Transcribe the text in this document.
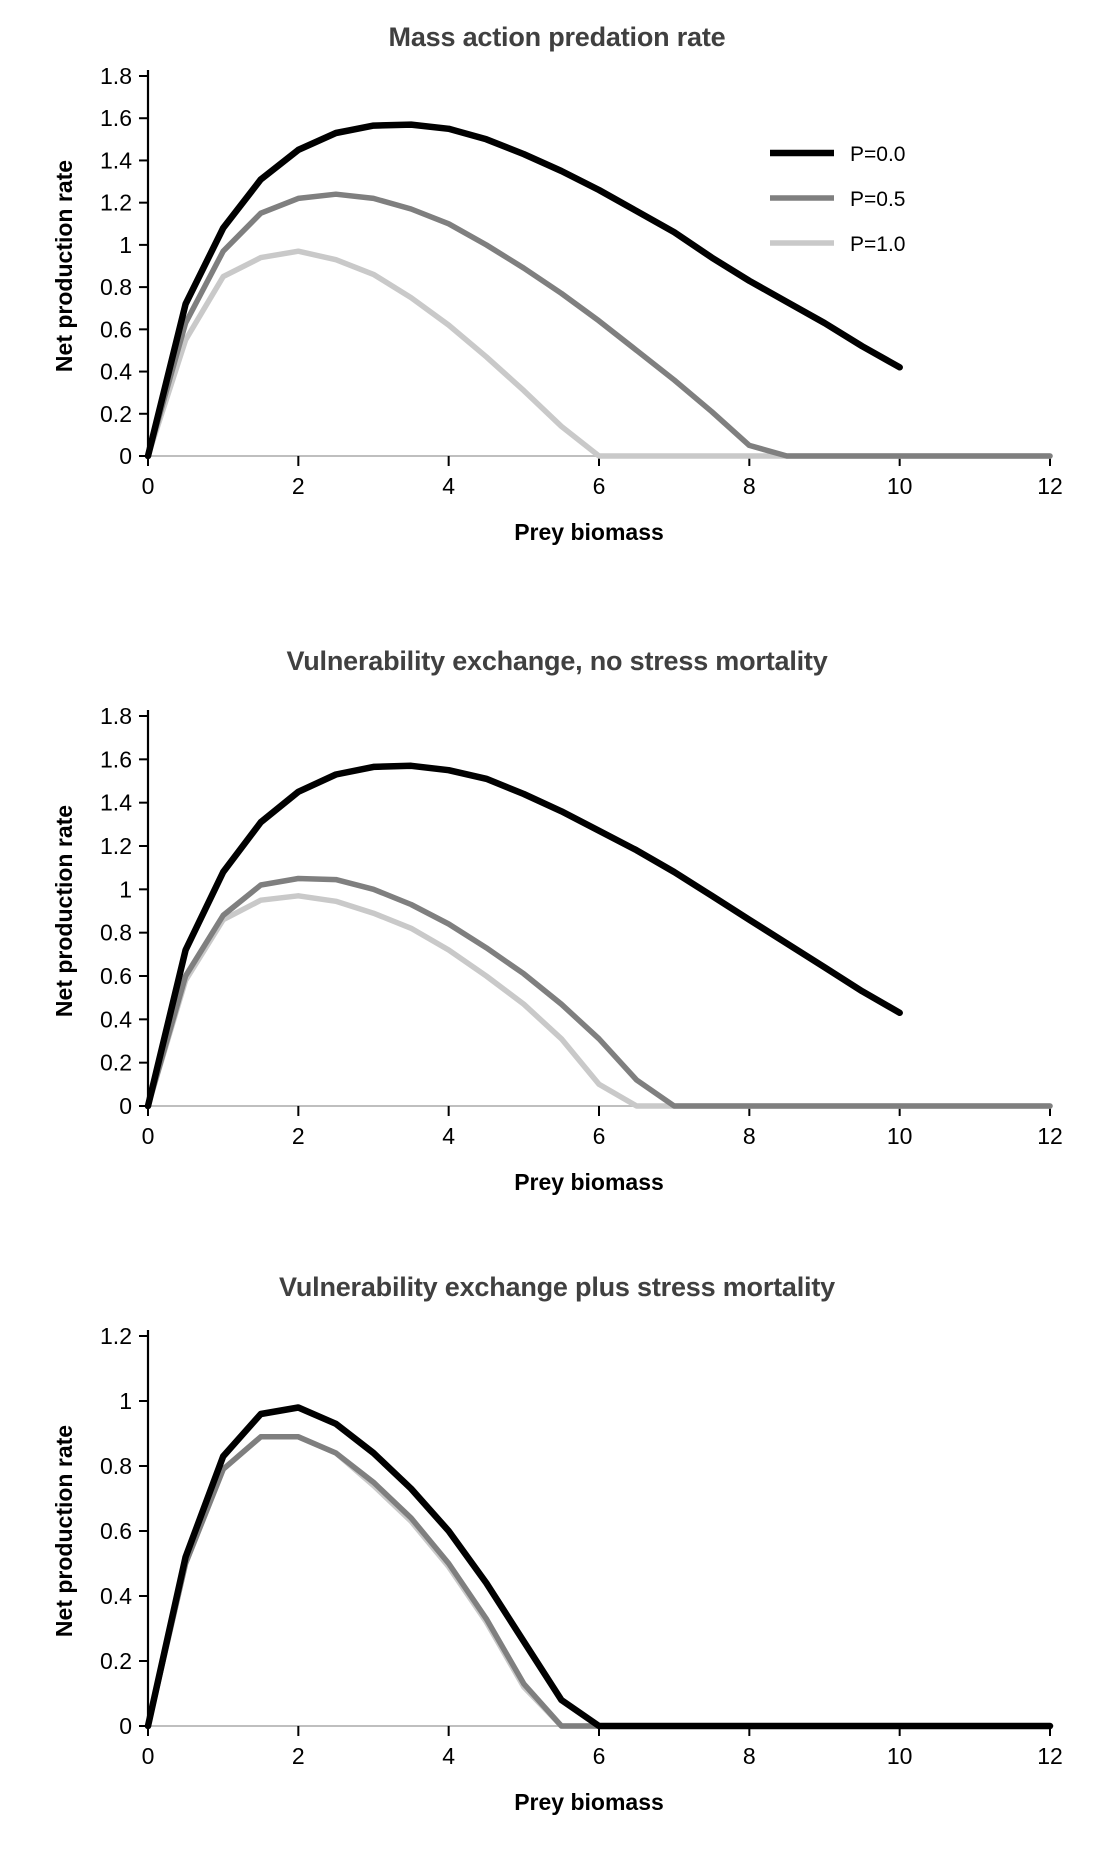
Mass action predation rate
0
0.2
0.4
0.6
0.8
1
1.2
1.4
1.6
1.8
0	2	4	6	8	10	12
Prey biomass
Net production rate
P=0.0
P=0.5
P=1.0
Vulnerability exchange, no stress mortality
0
0.2
0.4
0.6
0.8
1
1.2
1.4
1.6
1.8
0	2	4	6	8	10	12
Prey biomass
Net production rate
Vulnerability exchange plus stress mortality
0
0.2
0.4
0.6
0.8
1
1.2
0	2	4	6	8	10	12
Prey biomass
Net production rate
